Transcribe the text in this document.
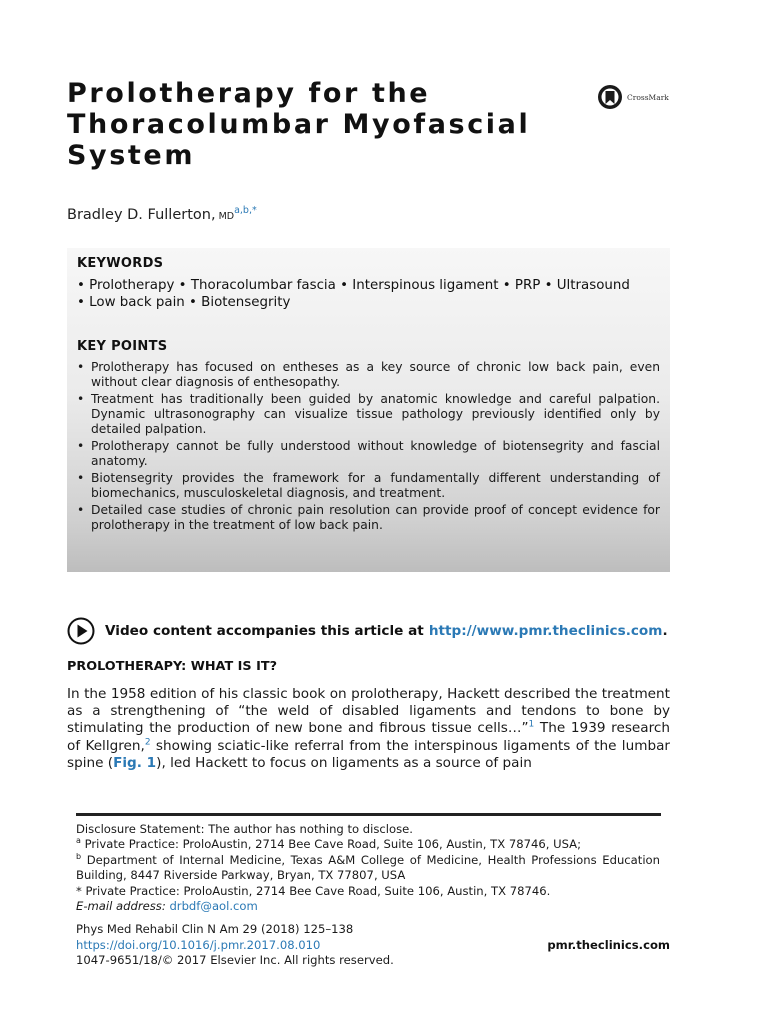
Prolotherapy for the
Thoracolumbar Myofascial
System
CrossMark
Bradley D. Fullerton, $MD^{a,b,*}$
KEYWORDS
• Prolotherapy • Thoracolumbar fascia • Interspinous ligament • PRP • Ultrasound
• Low back pain • Biotensegrity
KEY POINTS
• Prolotherapy has focused on entheses as a key source of chronic low back pain, even without clear diagnosis of enthesopathy.
• Treatment has traditionally been guided by anatomic knowledge and careful palpation. Dynamic ultrasonography can visualize tissue pathology previously identified only by detailed palpation.
• Prolotherapy cannot be fully understood without knowledge of biotensegrity and fascial anatomy.
• Biotensegrity provides the framework for a fundamentally different understanding of biomechanics, musculoskeletal diagnosis, and treatment.
• Detailed case studies of chronic pain resolution can provide proof of concept evidence for prolotherapy in the treatment of low back pain.
Video content accompanies this article at
http://www.pmr.theclinics.com .
PROLOTHERAPY: WHAT IS IT?

In the 1958 edition of his classic book on prolotherapy, Hackett described the treatment as a strengthening of “the weld of disabled ligaments and tendons to bone by stimulating the production of new bone and fibrous tissue cells…”$^1$ The 1939 research of Kellgren,$^2$ showing sciatic-like referral from the interspinous ligaments of the lumbar spine (Fig. 1), led Hackett to focus on ligaments as a source of pain

Disclosure Statement: The author has nothing to disclose.

$^a$ Private Practice: ProloAustin, 2714 Bee Cave Road, Suite 106, Austin, TX 78746, USA;

$^b$ Department of Internal Medicine, Texas A&M College of Medicine, Health Professions Education Building, 8447 Riverside Parkway, Bryan, TX 77807, USA

* Private Practice: ProloAustin, 2714 Bee Cave Road, Suite 106, Austin, TX 78746.

E-mail address: drbdf@aol.com

Phys Med Rehabil Clin N Am 29 (2018) 125–138

https://doi.org/10.1016/j.pmr.2017.08.010

1047-9651/18/© 2017 Elsevier Inc. All rights reserved.

pmr.theclinics.com
